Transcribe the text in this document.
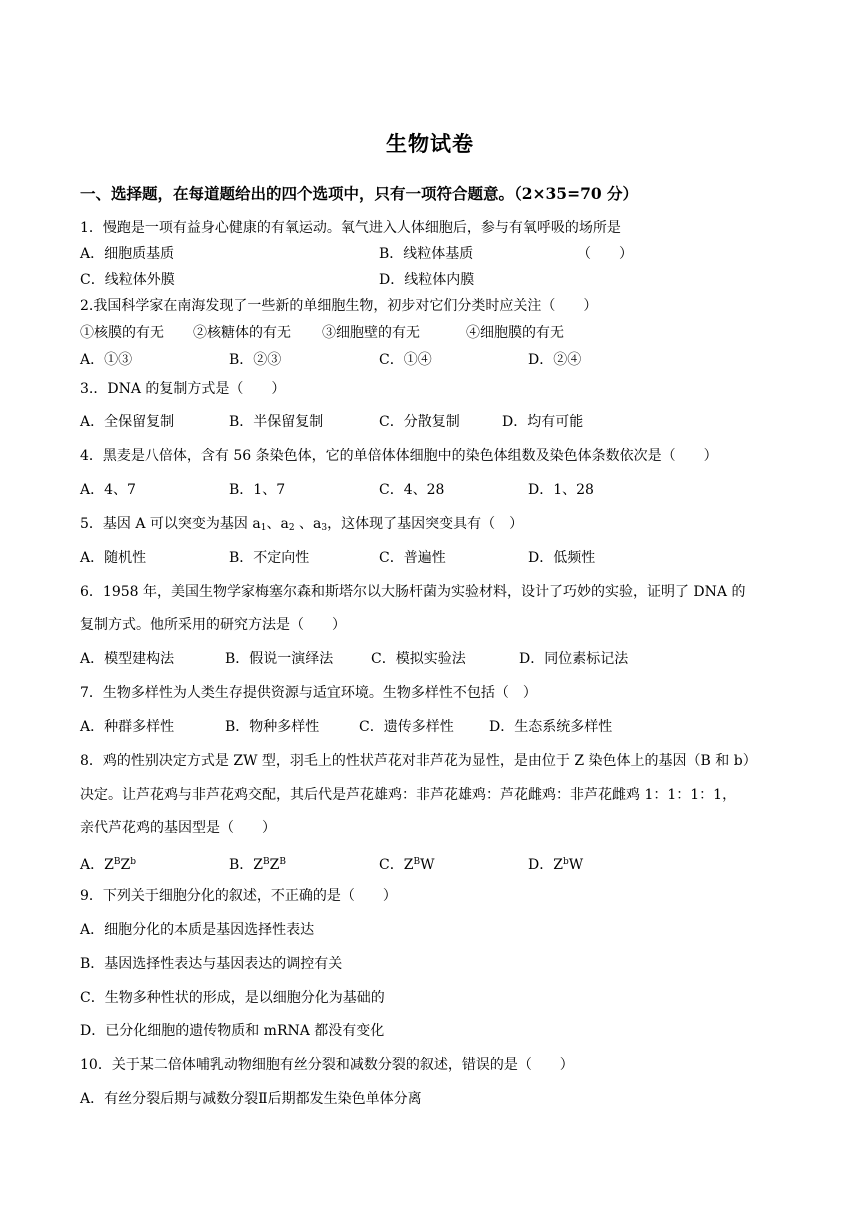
生物试卷
一、选择题，在每道题给出的四个选项中，只有一项符合题意。（2×35=70 分）
1．慢跑是一项有益身心健康的有氧运动。氧气进入人体细胞后，参与有氧呼吸的场所是
A．细胞质基质	B．线粒体基质	（　　）
C．线粒体外膜	D．线粒体内膜
2.我国科学家在南海发现了一些新的单细胞生物，初步对它们分类时应关注（　　）
①核膜的有无 ②核糖体的有无 ③细胞壁的有无	④细胞膜的有无
A．①③	B．②③	C．①④	D．②④
3.．DNA 的复制方式是（　　）
A．全保留复制	B．半保留复制	C．分散复制	D．均有可能
4．黑麦是八倍体，含有 56 条染色体，它的单倍体体细胞中的染色体组数及染色体条数依次是（　　）
A．4、7	B．1、7	C．4、28	D．1、28
5．基因 A 可以突变为基因 $a_1$、$a_2$ 、$a_3$，这体现了基因突变具有（　）
A．随机性	B．不定向性	C．普遍性	D．低频性
6．1958 年，美国生物学家梅塞尔森和斯塔尔以大肠杆菌为实验材料，设计了巧妙的实验，证明了 DNA 的
复制方式。他所采用的研究方法是（　　）
A．模型建构法	B．假说一演绎法	C．模拟实验法	D．同位素标记法
7．生物多样性为人类生存提供资源与适宜环境。生物多样性不包括（　）
A．种群多样性	B．物种多样性	C．遗传多样性	D．生态系统多样性
8．鸡的性别决定方式是 ZW 型，羽毛上的性状芦花对非芦花为显性，是由位于 Z 染色体上的基因（B 和 b）
决定。让芦花鸡与非芦花鸡交配，其后代是芦花雄鸡：非芦花雄鸡：芦花雌鸡：非芦花雌鸡 1：1：1：1，
亲代芦花鸡的基因型是（　　）
A．$Z^BZ^b$	B．$Z^BZ^B$	C．$Z^BW$	D．$Z^bW$
9．下列关于细胞分化的叙述，不正确的是（　　）
A．细胞分化的本质是基因选择性表达
B．基因选择性表达与基因表达的调控有关
C．生物多种性状的形成，是以细胞分化为基础的
D．已分化细胞的遗传物质和 mRNA 都没有变化
10．关于某二倍体哺乳动物细胞有丝分裂和减数分裂的叙述，错误的是（　　）
A．有丝分裂后期与减数分裂Ⅱ后期都发生染色单体分离
